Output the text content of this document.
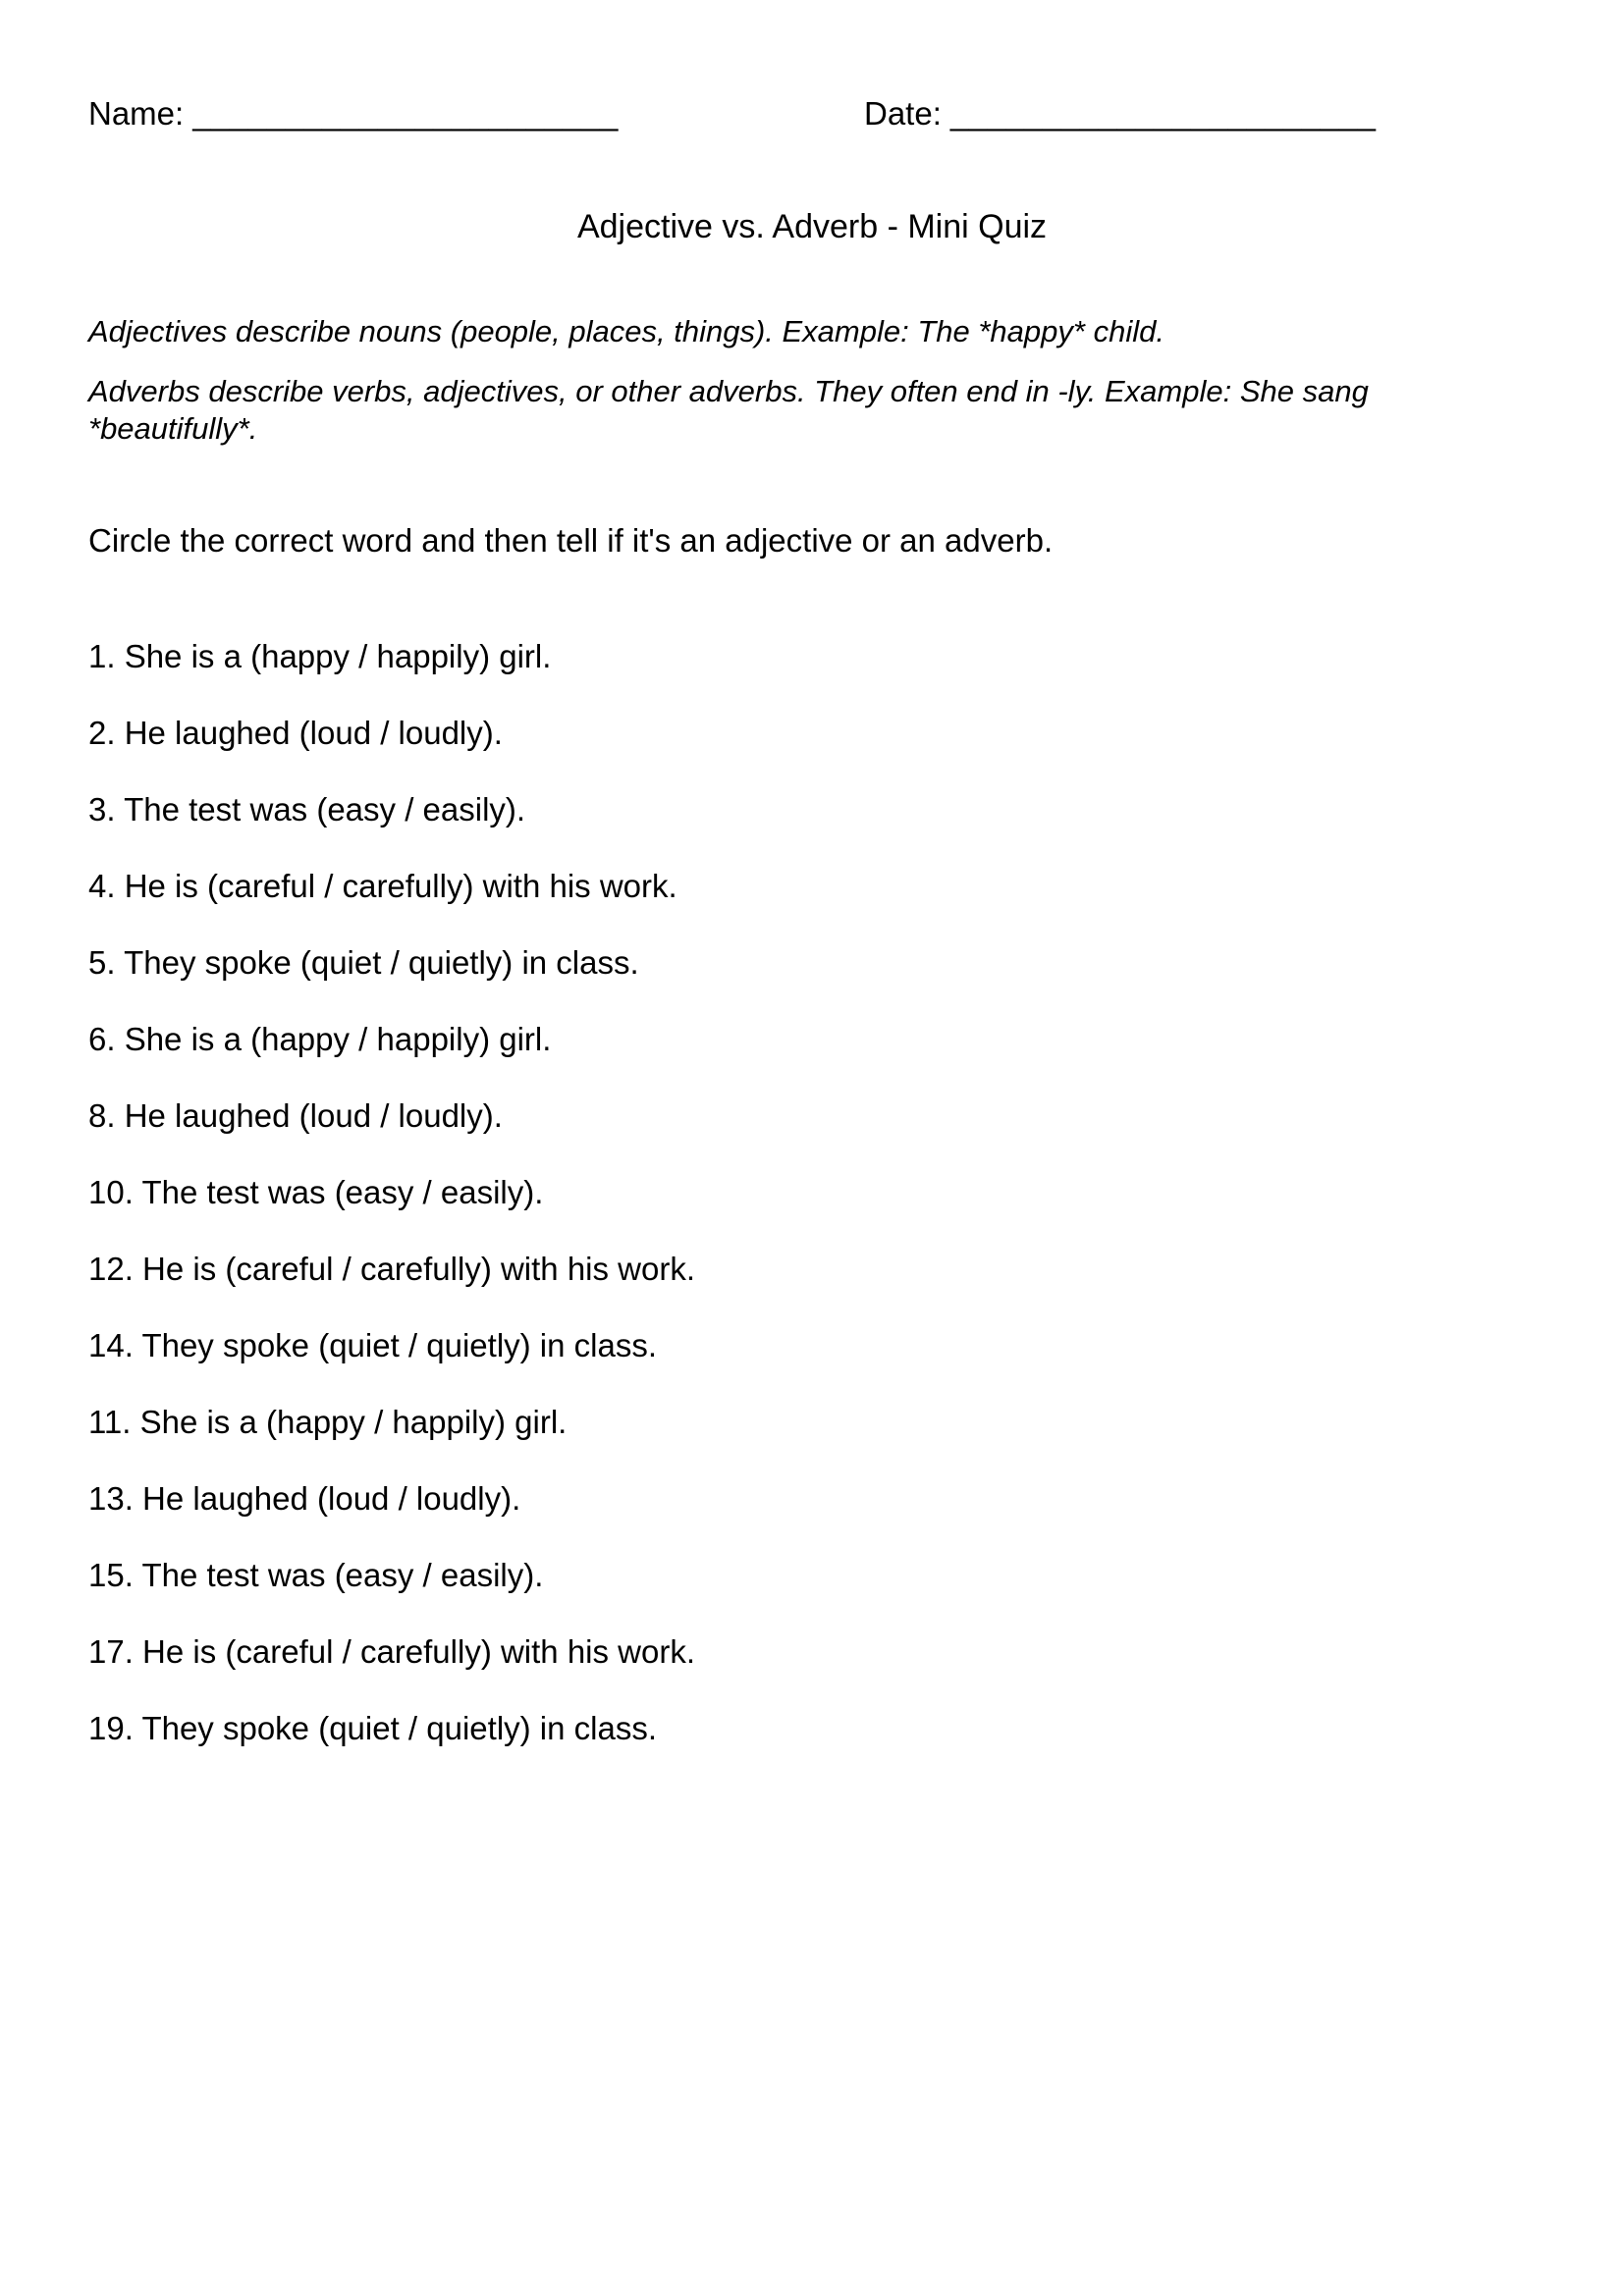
Name: _______________________	Date: _______________________
Adjective vs. Adverb - Mini Quiz

Adjectives describe nouns (people, places, things). Example: The *happy* child.

Adverbs describe verbs, adjectives, or other adverbs. They often end in -ly. Example: She sang *beautifully*.

Circle the correct word and then tell if it's an adjective or an adverb.

1. She is a (happy / happily) girl.

2. He laughed (loud / loudly).

3. The test was (easy / easily).

4. He is (careful / carefully) with his work.

5. They spoke (quiet / quietly) in class.

6. She is a (happy / happily) girl.

8. He laughed (loud / loudly).

10. The test was (easy / easily).

12. He is (careful / carefully) with his work.

14. They spoke (quiet / quietly) in class.

11. She is a (happy / happily) girl.

13. He laughed (loud / loudly).

15. The test was (easy / easily).

17. He is (careful / carefully) with his work.

19. They spoke (quiet / quietly) in class.
